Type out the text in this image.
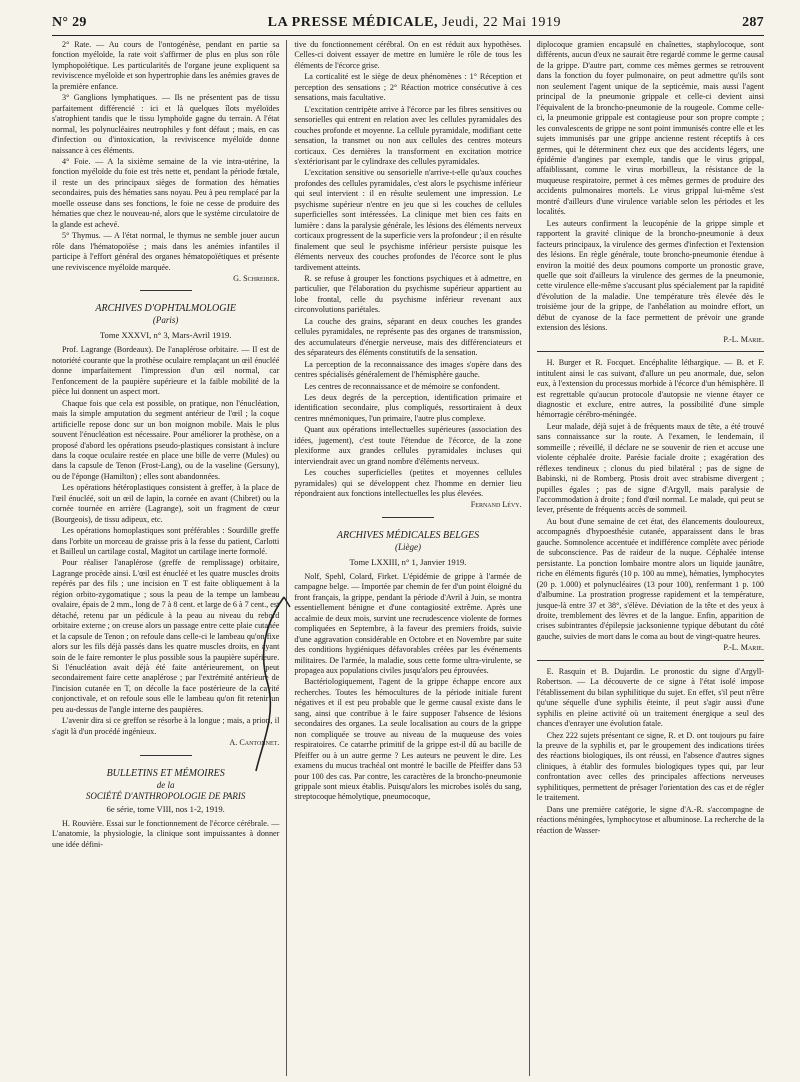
N° 29	LA PRESSE MÉDICALE, Jeudi, 22 Mai 1919	287

2° Rate. — Au cours de l'ontogénèse, pendant en partie sa fonction myéloïde, la rate voit s'affirmer de plus en plus son rôle lymphopoïétique. Les particularités de l'organe jeune expliquent sa reviviscence myéloïde et son hypertrophie dans les anémies graves de la première enfance.

3° Ganglions lymphatiques. — Ils ne présentent pas de tissu parfaitement différencié : ici et là quelques îlots myéloïdes s'atrophient tandis que le tissu lymphoïde gagne du terrain. A l'état normal, les polynucléaires neutrophiles y font défaut ; mais, en cas d'infection ou d'intoxication, la reviviscence myéloïde donne naissance à ces éléments.

4° Foie. — A la sixième semaine de la vie intra-utérine, la fonction myéloïde du foie est très nette et, pendant la période fœtale, il reste un des principaux sièges de formation des hématies secondaires, puis des hématies sans noyau. Peu à peu remplacé par la moelle osseuse dans ses fonctions, le foie ne cesse de produire des hématies que chez le nouveau-né, alors que le système circulatoire de la glande est achevé.

5° Thymus. — A l'état normal, le thymus ne semble jouer aucun rôle dans l'hématopoïèse ; mais dans les anémies infantiles il participe à l'effort général des organes hématopoïétiques et présente une reviviscence myéloïde marquée.

G. Schreiber.
ARCHIVES D'OPHTALMOLOGIE
(Paris)
Tome XXXVI, n° 3, Mars-Avril 1919.

Prof. Lagrange (Bordeaux). De l'anaplérose orbitaire. — Il est de notoriété courante que la prothèse oculaire remplaçant un œil énucléé donne imparfaitement l'impression d'un œil normal, car l'enfoncement de la paupière supérieure et la faible mobilité de la pièce lui donnent un aspect mort.

Chaque fois que cela est possible, on pratique, non l'énucléation, mais la simple amputation du segment antérieur de l'œil ; la coque artificielle repose donc sur un bon moignon mobile. Mais le plus souvent l'énucléation est nécessaire. Pour améliorer la prothèse, on a proposé d'abord les opérations pseudo-plastiques consistant à inclure dans la coque oculaire restée en place une bille de verre (Mules) ou dans la capsule de Tenon (Frost-Lang), ou de la vaseline (Gersuny), ou de l'éponge (Hamilton) ; elles sont abandonnées.

Les opérations hétéroplastiques consistent à greffer, à la place de l'œil énucléé, soit un œil de lapin, la cornée en avant (Chibret) ou la cornée tournée en arrière (Lagrange), soit un fragment de cœur (Bourgeois), de tissu adipeux, etc.

Les opérations homoplastiques sont préférables : Sourdille greffe dans l'orbite un morceau de graisse pris à la fesse du patient, Carlotti et Bailleul un cartilage costal, Magitot un cartilage inerte formolé.

Pour réaliser l'anaplérose (greffe de remplissage) orbitaire, Lagrange procède ainsi. L'œil est énucléé et les quatre muscles droits repérés par des fils ; une incision en T est faite obliquement à la région orbito-zygomatique ; sous la peau de la tempe un lambeau ovalaire, épais de 2 mm., long de 7 à 8 cent. et large de 6 à 7 cent., est détaché, retenu par un pédicule à la peau au niveau du rebord orbitaire externe ; on creuse alors un passage entre cette plaie cutanée et la capsule de Tenon ; on refoule dans celle-ci le lambeau qu'on fixe alors sur les fils déjà passés dans les quatre muscles droits, en ayant soin de le faire remonter le plus possible sous la paupière supérieure. Si l'énucléation avait déjà été faite antérieurement, on peut secondairement faire cette anaplérose ; par l'extrémité antérieure de l'incision cutanée en T, on décolle la face postérieure de la cavité conjonctivale, et on refoule sous elle le lambeau qu'on fit retenir un peu au-dessus de l'angle interne des paupières.

L'avenir dira si ce greffon se résorbe à la longue ; mais, a priori, il s'agit là d'un procédé ingénieux.

A. Cantonnet.
BULLETINS ET MÉMOIRES
de la
SOCIÉTÉ D'ANTHROPOLOGIE DE PARIS
6e série, tome VIII, nos 1-2, 1919.

H. Rouvière. Essai sur le fonctionnement de l'écorce cérébrale. — L'anatomie, la physiologie, la clinique sont impuissantes à donner une idée défini-

tive du fonctionnement cérébral. On en est réduit aux hypothèses. Celles-ci doivent essayer de mettre en lumière le rôle de tous les éléments de l'écorce grise.

La corticalité est le siège de deux phénomènes : 1° Réception et perception des sensations ; 2° Réaction motrice consécutive à ces sensations, mais facultative.

L'excitation centripète arrive à l'écorce par les fibres sensitives ou sensorielles qui entrent en relation avec les cellules pyramidales des couches profonde et moyenne. La cellule pyramidale, modifiant cette sensation, la transmet ou non aux cellules des centres moteurs corticaux. Ces dernières la transforment en excitation motrice s'extériorisant par le cylindraxe des cellules pyramidales.

L'excitation sensitive ou sensorielle n'arrive-t-elle qu'aux couches profondes des cellules pyramidales, c'est alors le psychisme inférieur qui seul intervient : il en résulte seulement une impression. Le psychisme supérieur n'entre en jeu que si les couches de cellules superficielles sont intéressées. La clinique met bien ces faits en lumière : dans la paralysie générale, les lésions des éléments nerveux corticaux progressent de la superficie vers la profondeur ; il en résulte finalement que seul le psychisme inférieur persiste puisque les éléments nerveux des couches profondes de l'écorce sont le plus tardivement atteints.

R. se refuse à grouper les fonctions psychiques et à admettre, en particulier, que l'élaboration du psychisme supérieur appartient au lobe frontal, celle du psychisme inférieur revenant aux circonvolutions pariétales.

La couche des grains, séparant en deux couches les grandes cellules pyramidales, ne représente pas des organes de transmission, des accumulateurs d'énergie nerveuse, mais des différenciateurs et des séparateurs des éléments constitutifs de la sensation.

La perception de la reconnaissance des images s'opère dans des centres spécialisés généralement de l'hémisphère gauche.

Les centres de reconnaissance et de mémoire se confondent.

Les deux degrés de la perception, identification primaire et identification secondaire, plus compliqués, ressortiraient à deux centres mnémoniques, l'un primaire, l'autre plus complexe.

Quant aux opérations intellectuelles supérieures (association des idées, jugement), c'est toute l'étendue de l'écorce, de la zone plexiforme aux grandes cellules pyramidales incluses qui interviendrait avec un grand nombre d'éléments nerveux.

Les couches superficielles (petites et moyennes cellules pyramidales) qui se développent chez l'homme en dernier lieu répondraient aux fonctions intellectuelles les plus élevées.

Fernand Lévy.
ARCHIVES MÉDICALES BELGES
(Liège)
Tome LXXIII, n° 1, Janvier 1919.

Nolf, Spehl, Colard, Firket. L'épidémie de grippe à l'armée de campagne belge. — Importée par chemin de fer d'un point éloigné du front français, la grippe, pendant la période d'Avril à Juin, se montra essentiellement bénigne et d'une contagiosité extrême. Après une accalmie de deux mois, survint une recrudescence violente de formes compliquées en Septembre, à la faveur des premiers froids, suivie d'une aggravation considérable en Octobre et en Novembre par suite des conditions hygiéniques défavorables créées par les événements militaires. De l'armée, la maladie, sous cette forme ultra-virulente, se propagea aux populations civiles jusqu'alors peu éprouvées.

Bactériologiquement, l'agent de la grippe échappe encore aux recherches. Toutes les hémocultures de la période initiale furent négatives et il est peu probable que le germe causal existe dans le sang, ainsi que contribue à le faire supposer l'absence de lésions secondaires des organes. La seule localisation au cours de la grippe non compliquée se trouve au niveau de la muqueuse des voies respiratoires. Ce catarrhe primitif de la grippe est-il dû au bacille de Pfeiffer ou à un autre germe ? Les auteurs ne peuvent le dire. Les examens du mucus trachéal ont montré le bacille de Pfeiffer dans 53 pour 100 des cas. Par contre, les caractères de la broncho-pneumonie grippale sont mieux établis. Puisqu'alors les microbes isolés du sang, streptocoque hémolytique, pneumocoque,

diplocoque gramien encapsulé en chaînettes, staphylocoque, sont différents, aucun d'eux ne saurait être regardé comme le germe causal de la grippe. D'autre part, comme ces mêmes germes se retrouvent dans la fonction du foyer pulmonaire, on peut admettre qu'ils sont non seulement l'agent unique de la septicémie, mais aussi l'agent principal de la pneumonie grippale et celle-ci devient ainsi l'équivalent de la broncho-pneumonie de la rougeole. Comme celle-ci, la pneumonie grippale est contagieuse pour son propre compte ; les convalescents de grippe ne sont point immunisés contre elle et les sujets immunisés par une grippe ancienne restent réceptifs à ces germes, qui le déterminent chez eux que des accidents légers, une épidémie d'angines par exemple, tandis que le virus grippal, affaiblissant, comme le virus morbilleux, la résistance de la muqueuse respiratoire, permet à ces mêmes germes de produire des accidents pulmonaires mortels. Le virus grippal lui-même s'est montré d'ailleurs d'une virulence variable selon les périodes et les localités.

Les auteurs confirment la leucopénie de la grippe simple et rapportent la gravité clinique de la broncho-pneumonie à deux facteurs principaux, la virulence des germes d'infection et l'extension des lésions. En règle générale, toute broncho-pneumonie étendue à environ la moitié des deux poumons comporte un pronostic grave, quelle que soit d'ailleurs la virulence des germes de la pneumonie, cette virulence elle-même s'accusant plus spécialement par la rapidité d'évolution de la maladie. Une température très élevée dès le troisième jour de la grippe, de l'anhélation au moindre effort, un début de cyanose de la face permettent de prévoir une grande extension des lésions.

P.-L. Marie.

H. Burger et R. Focquet. Encéphalite léthargique. — B. et F. intitulent ainsi le cas suivant, d'allure un peu anormale, due, selon eux, à l'extension du processus morbide à l'écorce d'un hémisphère. Il est regrettable qu'aucun protocole d'autopsie ne vienne étayer ce diagnostic et exclure, entre autres, la possibilité d'une simple hémorragie cérébro-méningée.

Leur malade, déjà sujet à de fréquents maux de tête, a été trouvé sans connaissance sur la route. A l'examen, le lendemain, il sommeille ; réveillé, il déclare ne se souvenir de rien et accuse une violente céphalée droite. Parésie faciale droite ; exagération des réflexes tendineux ; clonus du pied bilatéral ; pas de signe de Babinski, ni de Romberg. Ptosis droit avec strabisme divergent ; pupilles égales ; pas de signe d'Argyll, mais paralysie de l'accommodation à droite ; fond d'œil normal. Le malade, qui peut se lever, présente de fréquents accès de sommeil.

Au bout d'une semaine de cet état, des élancements douloureux, accompagnés d'hypoesthésie cutanée, apparaissent dans le bras gauche. Somnolence accentuée et indifférence complète avec période de subconscience. Pas de raideur de la nuque. Céphalée intense persistante. La ponction lombaire montre alors un liquide jaunâtre, riche en éléments figurés (10 p. 100 au mme), hématies, lymphocytes (20 p. 1.000) et polynucléaires (13 pour 100), renfermant 1 p. 100 d'albumine. La prostration progresse rapidement et la température, jusque-là entre 37 et 38°, s'élève. Déviation de la tête et des yeux à droite, tremblement des lèvres et de la langue. Enfin, apparition de crises subintrantes d'épilepsie jacksonienne typique débutant du côté gauche, suivies de mort dans le coma au bout de vingt-quatre heures.

P.-L. Marie.

E. Rasquin et B. Dujardin. Le pronostic du signe d'Argyll-Robertson. — La découverte de ce signe à l'état isolé impose l'établissement du bilan syphilitique du sujet. En effet, s'il peut n'être qu'une séquelle d'une syphilis éteinte, il peut s'agir aussi d'une syphilis en pleine activité où un traitement énergique a seul des chances d'enrayer une évolution fatale.

Chez 222 sujets présentant ce signe, R. et D. ont toujours pu faire la preuve de la syphilis et, par le groupement des indications tirées des réactions biologiques, ils ont réussi, en l'absence d'autres signes cliniques, à établir des formules biologiques types qui, par leur confrontation avec celles des principales affections nerveuses syphilitiques, permettent de présager l'orientation des cas et de régler le traitement.

Dans une première catégorie, le signe d'A.-R. s'accompagne de réactions méningées, lymphocytose et albuminose. La recherche de la réaction de Wasser-
